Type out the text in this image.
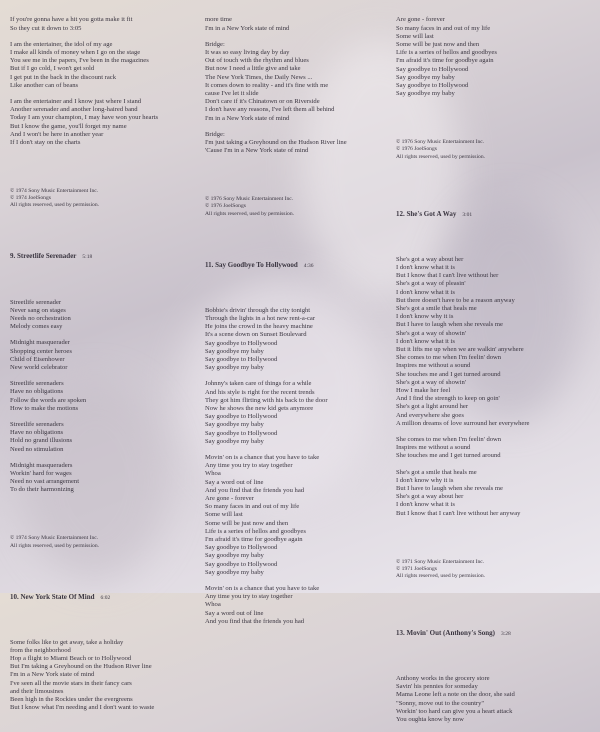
If you're gonna have a hit you gotta make it fit
So they cut it down to 3:05
I am the entertainer, the idol of my age
I make all kinds of money when I go on the stage
You see me in the papers, I've been in the magazines
But if I go cold, I won't get sold
I get put in the back in the discount rack
Like another can of beans
I am the entertainer and I know just where I stand
Another serenader and another long-haired band
Today I am your champion, I may have won your hearts
But I know the game, you'll forget my name
And I won't be here in another year
If I don't stay on the charts

© 1974 Sony Music Entertainment Inc.
© 1974 JoelSongs
All rights reserved, used by permission.

9. Streetlife Serenader 5:18

Streetlife serenader
Never sang on stages
Needs no orchestration
Melody comes easy
Midnight masquerader
Shopping center heroes
Child of Eisenhower
New world celebrator
Streetlife serenaders
Have no obligations
Follow the words are spoken
How to make the motions
Streetlife serenaders
Have no obligations
Hold no grand illusions
Need no stimulation
Midnight masqueraders
Workin' hard for wages
Need no vast arrangement
To do their harmonizing

© 1974 Sony Music Entertainment Inc.
All rights reserved, used by permission.

10. New York State Of Mind 6:02

Some folks like to get away, take a holiday
from the neighborhood
Hop a flight to Miami Beach or to Hollywood
But I'm taking a Greyhound on the Hudson River line
I'm in a New York state of mind
I've seen all the movie stars in their fancy cars
and their limousines
Been high in the Rockies under the evergreens
But I know what I'm needing and I don't want to waste

more time
I'm in a New York state of mind
Bridge:
It was so easy living day by day
Out of touch with the rhythm and blues
But now I need a little give and take
The New York Times, the Daily News ...
It comes down to reality - and it's fine with me
cause I've let it slide
Don't care if it's Chinatown or on Riverside
I don't have any reasons, I've left them all behind
I'm in a New York state of mind
Bridge:
I'm just taking a Greyhound on the Hudson River line
'Cause I'm in a New York state of mind

© 1976 Sony Music Entertainment Inc.
© 1976 JoelSongs
All rights reserved, used by permission.

11. Say Goodbye To Hollywood 4:36

Bobbie's drivin' through the city tonight
Through the lights in a hot new rent-a-car
He joins the crowd in the heavy machine
It's a scene down on Sunset Boulevard
Say goodbye to Hollywood
Say goodbye my baby
Say goodbye to Hollywood
Say goodbye my baby
Johnny's taken care of things for a while
And his style is right for the recent trends
They got him flirting with his back to the door
Now he shows the new kid gets anymore
Say goodbye to Hollywood
Say goodbye my baby
Say goodbye to Hollywood
Say goodbye my baby
Movin' on is a chance that you have to take
Any time you try to stay together
Whoa
Say a word out of line
And you find that the friends you had
Are gone - forever
So many faces in and out of my life
Some will last
Some will be just now and then
Life is a series of hellos and goodbyes
I'm afraid it's time for goodbye again
Say goodbye to Hollywood
Say goodbye my baby
Say goodbye to Hollywood
Say goodbye my baby
Movin' on is a chance that you have to take
Any time you try to stay together
Whoa
Say a word out of line
And you find that the friends you had

Are gone - forever
So many faces in and out of my life
Some will last
Some will be just now and then
Life is a series of hellos and goodbyes
I'm afraid it's time for goodbye again
Say goodbye to Hollywood
Say goodbye my baby
Say goodbye to Hollywood
Say goodbye my baby

© 1976 Sony Music Entertainment Inc.
© 1976 JoelSongs
All rights reserved, used by permission.

12. She's Got A Way 3:01

She's got a way about her
I don't know what it is
But I know that I can't live without her
She's got a way of pleasin'
I don't know what it is
But there doesn't have to be a reason anyway
She's got a smile that heals me
I don't know why it is
But I have to laugh when she reveals me
She's got a way of showin'
I don't know what it is
But it lifts me up when we are walkin' anywhere
She comes to me when I'm feelin' down
Inspires me without a sound
She touches me and I get turned around
She's got a way of showin'
How I make her feel
And I find the strength to keep on goin'
She's got a light around her
And everywhere she goes
A million dreams of love surround her everywhere
She comes to me when I'm feelin' down
Inspires me without a sound
She touches me and I get turned around
She's got a smile that heals me
I don't know why it is
But I have to laugh when she reveals me
She's got a way about her
I don't know what it is
But I know that I can't live without her anyway

© 1971 Sony Music Entertainment Inc.
© 1971 JoelSongs
All rights reserved, used by permission.

13. Movin' Out (Anthony's Song) 3:28

Anthony works in the grocery store
Savin' his pennies for someday
Mama Leone left a note on the door, she said
"Sonny, move out to the country"
Workin' too hard can give you a heart attack
You oughta know by now
